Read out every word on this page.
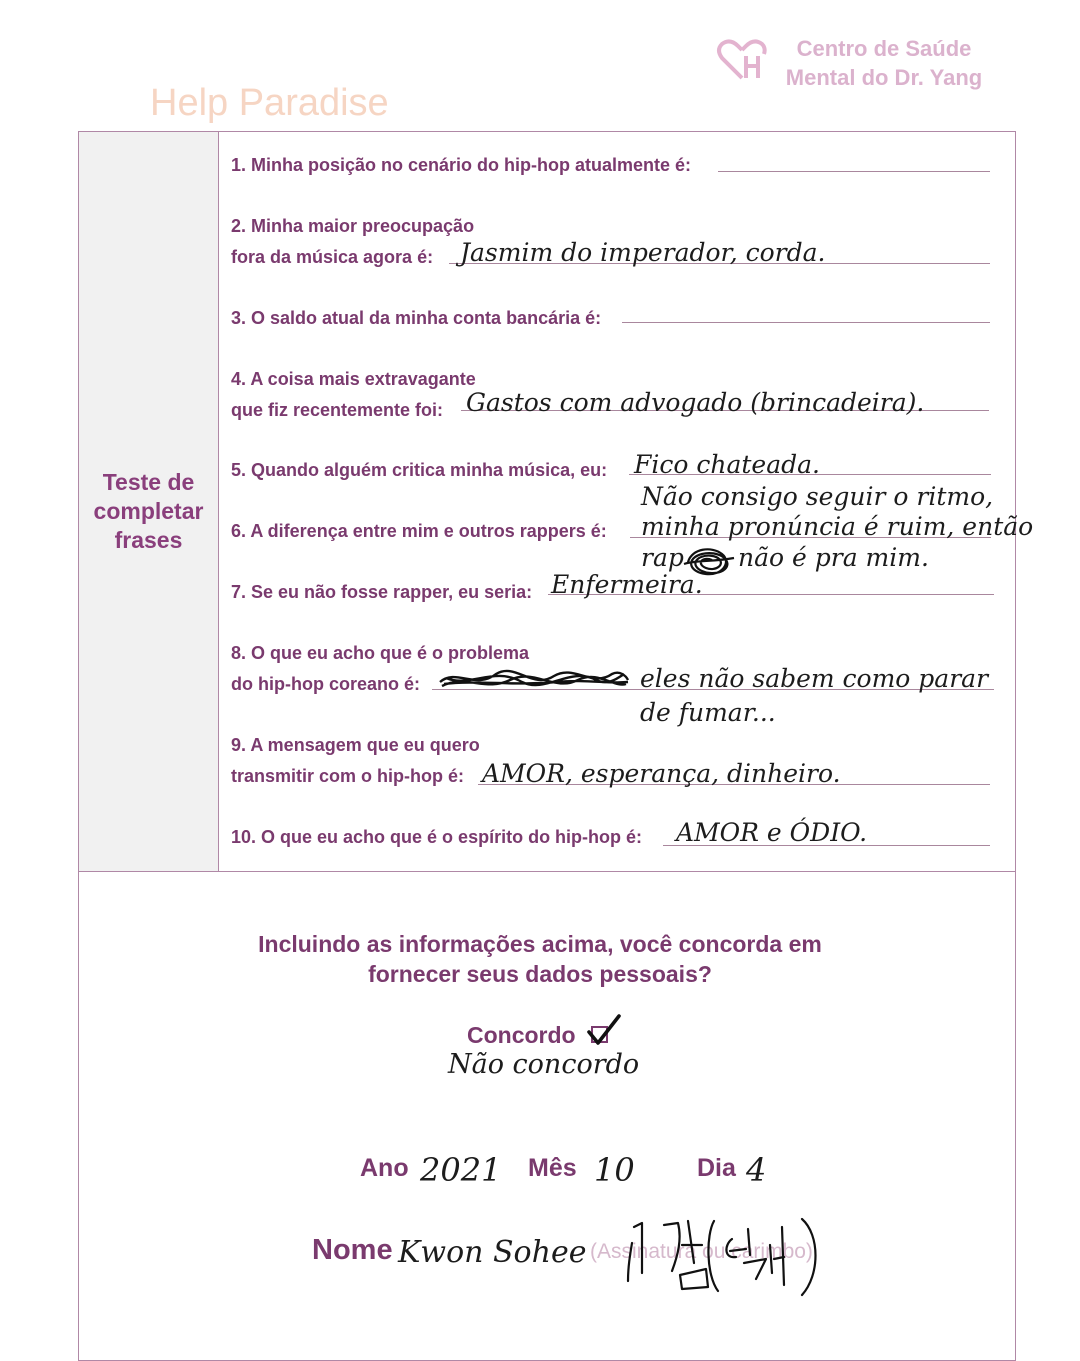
Centro de Saúde
Mental do Dr. Yang
Help Paradise
Teste de
completar
frases
1. Minha posição no cenário do hip-hop atualmente é:
2. Minha maior preocupação
fora da música agora é: Jasmim do imperador, corda.
3. O saldo atual da minha conta bancária é:
4. A coisa mais extravagante
que fiz recentemente foi: Gastos com advogado (brincadeira).
5. Quando alguém critica minha música, eu: Fico chateada.
Não consigo seguir o ritmo,
6. A diferença entre mim e outros rappers é: minha pronúncia é ruim, então
rap não é pra mim.
7. Se eu não fosse rapper, eu seria: Enfermeira.
8. O que eu acho que é o problema
do hip-hop coreano é:	eles não sabem como parar
de fumar...
9. A mensagem que eu quero
transmitir com o hip-hop é: AMOR, esperança, dinheiro.
10. O que eu acho que é o espírito do hip-hop é: AMOR e ÓDIO.
Incluindo as informações acima, você concorda em
fornecer seus dados pessoais?
Concordo
Não concordo
Ano 2021 Mês 10 Dia 4
Nome Kwon Sohee (Assinatura ou carimbo)
